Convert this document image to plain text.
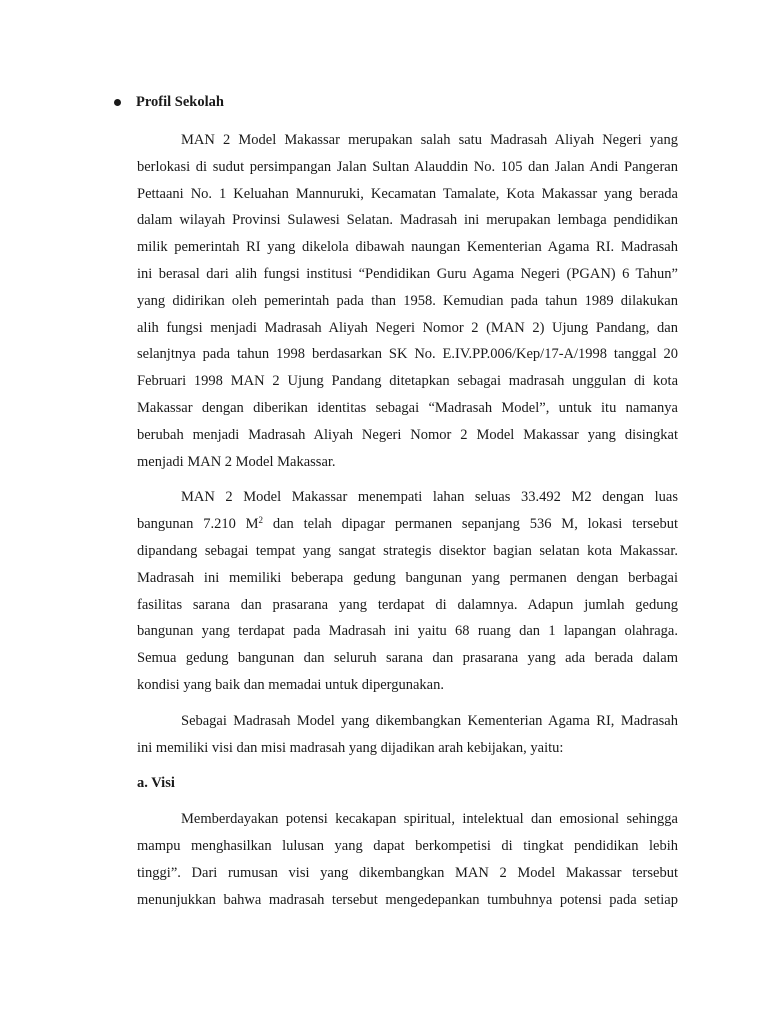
Profil Sekolah
MAN 2 Model Makassar merupakan salah satu Madrasah Aliyah Negeri yang
berlokasi di sudut persimpangan Jalan Sultan Alauddin No. 105 dan Jalan Andi Pangeran
Pettaani No. 1 Keluahan Mannuruki, Kecamatan Tamalate, Kota Makassar yang berada
dalam wilayah Provinsi Sulawesi Selatan. Madrasah ini merupakan lembaga pendidikan
milik pemerintah RI yang dikelola dibawah naungan Kementerian Agama RI. Madrasah
ini berasal dari alih fungsi institusi “Pendidikan Guru Agama Negeri (PGAN) 6 Tahun”
yang didirikan oleh pemerintah pada than 1958. Kemudian pada tahun 1989 dilakukan
alih fungsi menjadi Madrasah Aliyah Negeri Nomor 2 (MAN 2) Ujung Pandang, dan
selanjtnya pada tahun 1998 berdasarkan SK No. E.IV.PP.006/Kep/17-A/1998 tanggal 20
Februari 1998 MAN 2 Ujung Pandang ditetapkan sebagai madrasah unggulan di kota
Makassar dengan diberikan identitas sebagai “Madrasah Model”, untuk itu namanya
berubah menjadi Madrasah Aliyah Negeri Nomor 2 Model Makassar yang disingkat
menjadi MAN 2 Model Makassar.
MAN 2 Model Makassar menempati lahan seluas 33.492 M2 dengan luas
bangunan 7.210 $M^2$ dan telah dipagar permanen sepanjang 536 M, lokasi tersebut
dipandang sebagai tempat yang sangat strategis disektor bagian selatan kota Makassar.
Madrasah ini memiliki beberapa gedung bangunan yang permanen dengan berbagai
fasilitas sarana dan prasarana yang terdapat di dalamnya. Adapun jumlah gedung
bangunan yang terdapat pada Madrasah ini yaitu 68 ruang dan 1 lapangan olahraga.
Semua gedung bangunan dan seluruh sarana dan prasarana yang ada berada dalam
kondisi yang baik dan memadai untuk dipergunakan.
Sebagai Madrasah Model yang dikembangkan Kementerian Agama RI, Madrasah
ini memiliki visi dan misi madrasah yang dijadikan arah kebijakan, yaitu:
a. Visi
Memberdayakan potensi kecakapan spiritual, intelektual dan emosional sehingga
mampu menghasilkan lulusan yang dapat berkompetisi di tingkat pendidikan lebih
tinggi”. Dari rumusan visi yang dikembangkan MAN 2 Model Makassar tersebut
menunjukkan bahwa madrasah tersebut mengedepankan tumbuhnya potensi pada setiap
